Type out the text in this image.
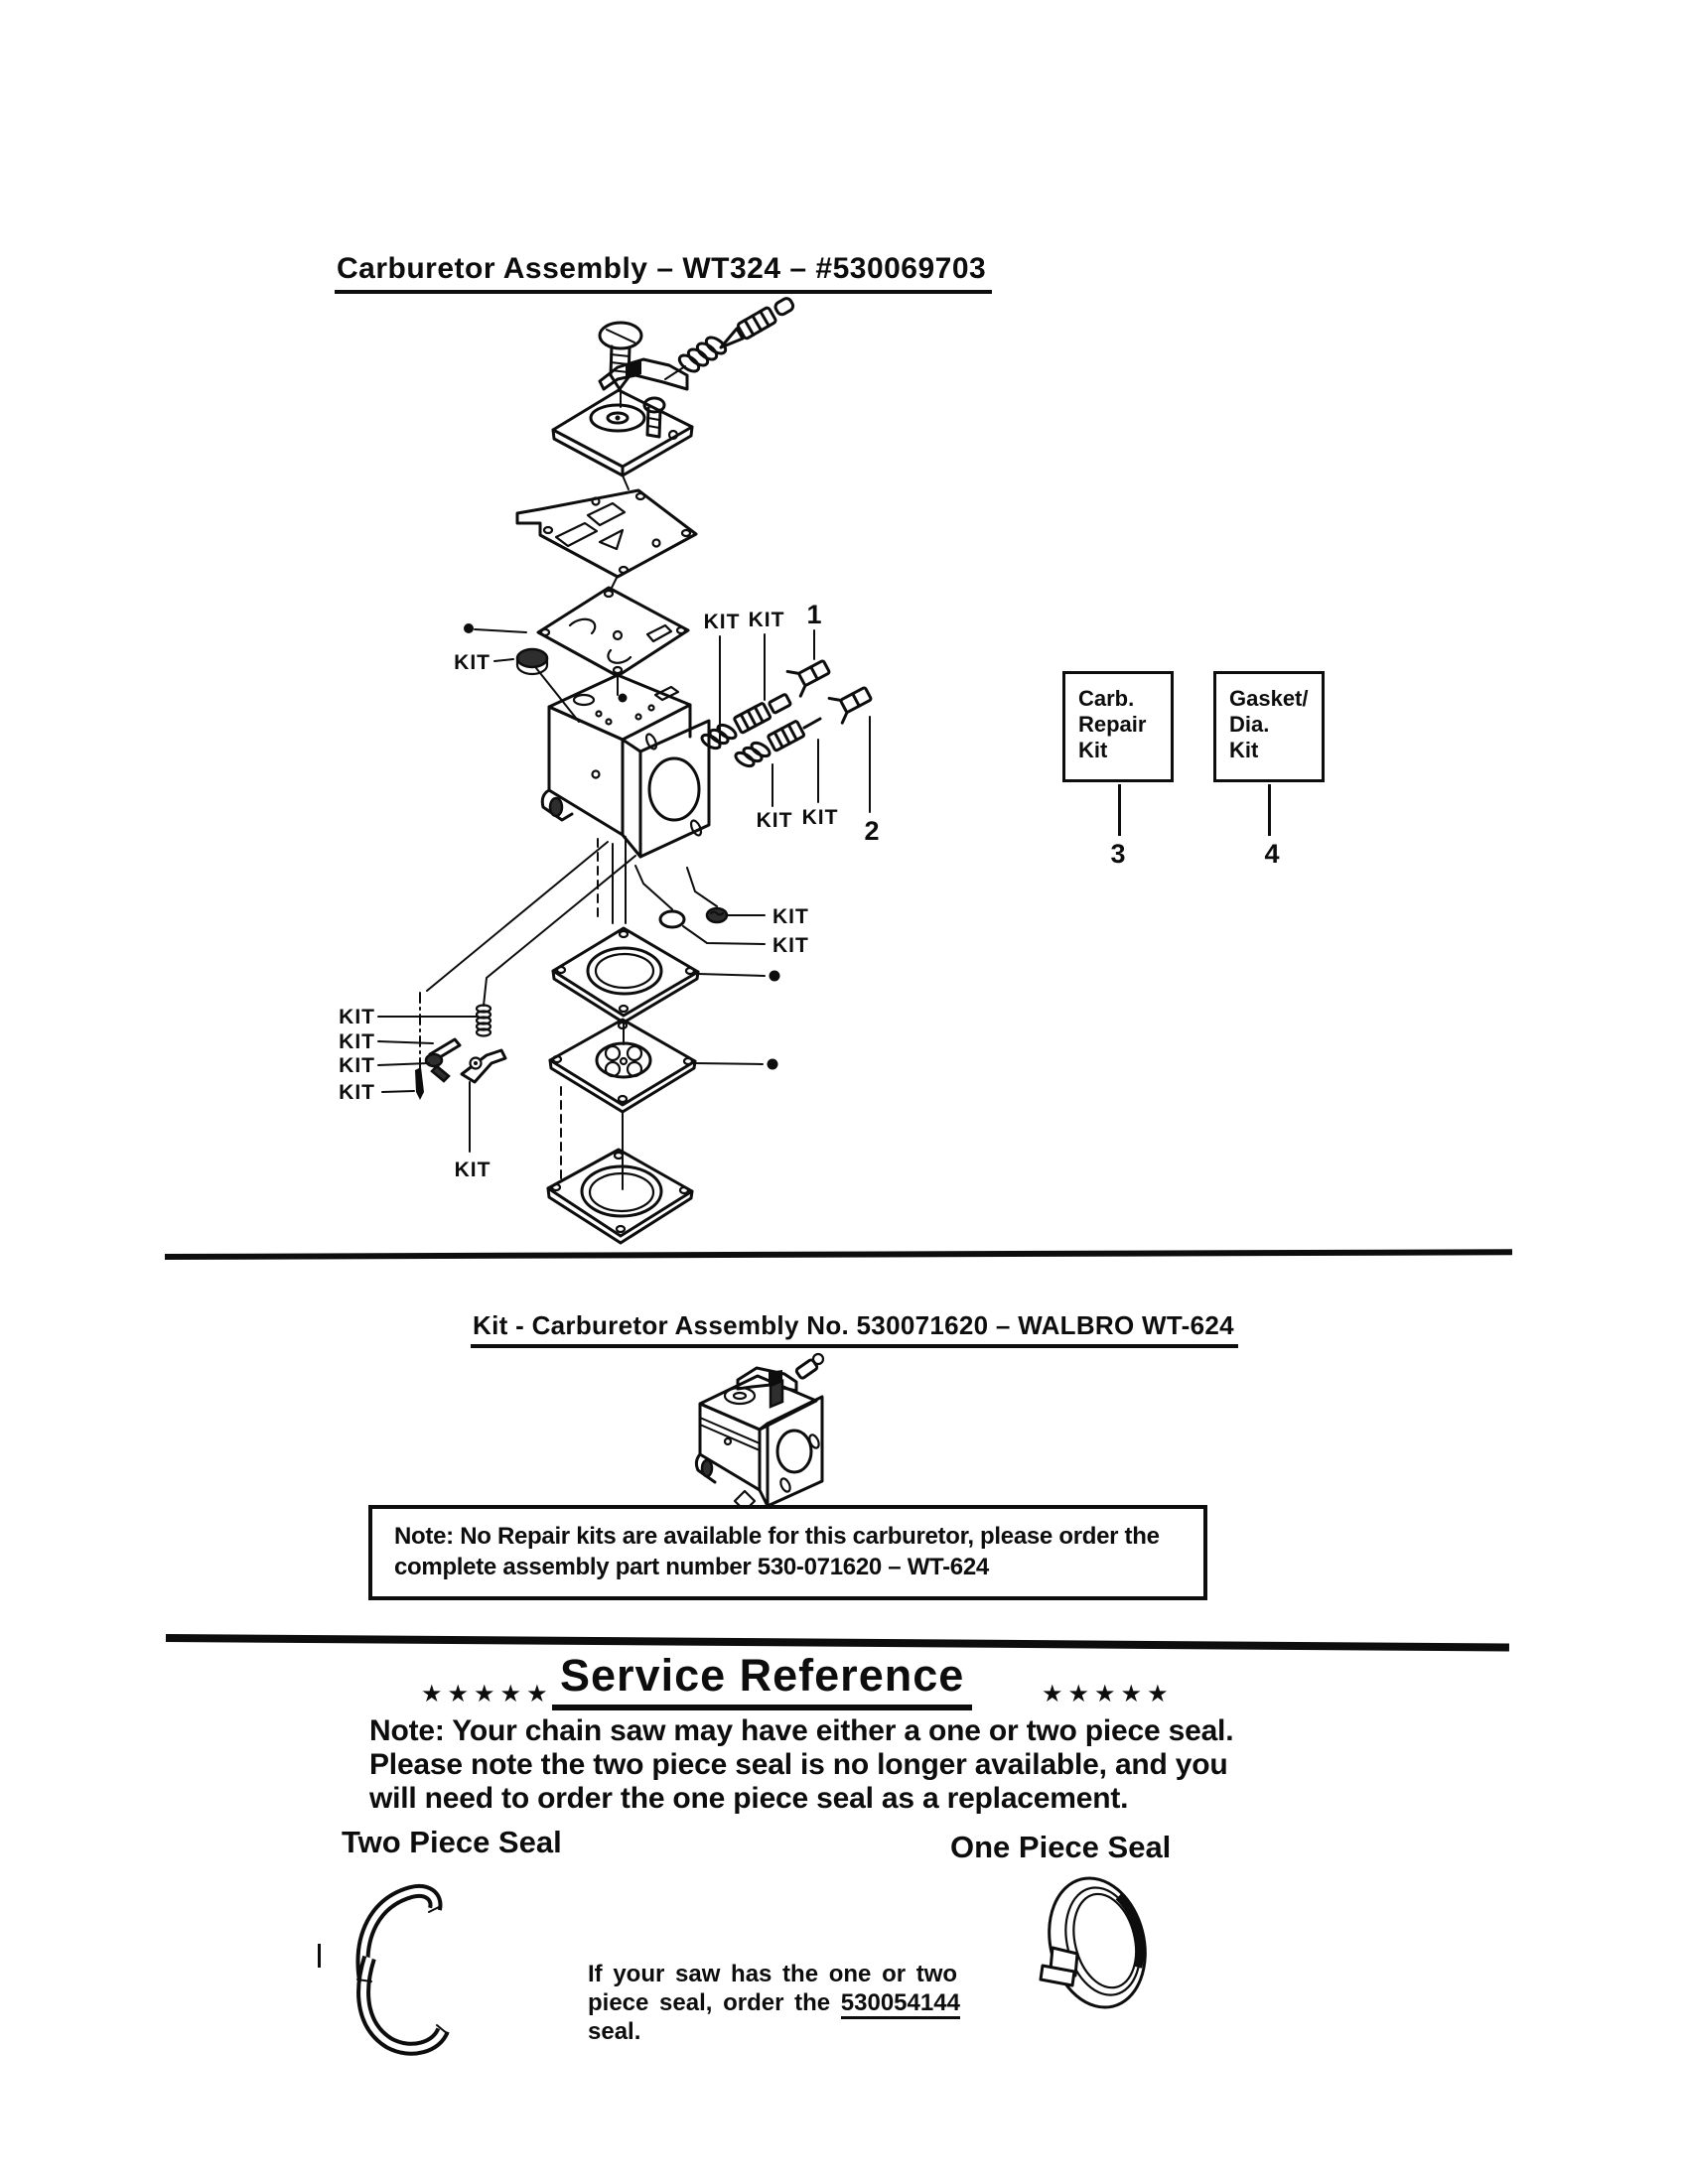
Carburetor Assembly – WT324 – #530069703
KIT KIT 1
KIT KIT 2
KIT
KIT
KIT
KIT
KIT
KIT
KIT
KIT
Carb.
Repair
Kit
Gasket/
Dia.
Kit
3	4
Kit - Carburetor Assembly No. 530071620 – WALBRO WT-624
Note: No Repair kits are available for this carburetor, please order the
complete assembly part number 530-071620 – WT-624
★★★★★ Service Reference	★★★★★
Note: Your chain saw may have either a one or two piece seal.
Please note the two piece seal is no longer available, and you
will need to order the one piece seal as a replacement.
Two Piece Seal	One Piece Seal
If your saw has the one or two
piece seal, order the 530054144
seal.
